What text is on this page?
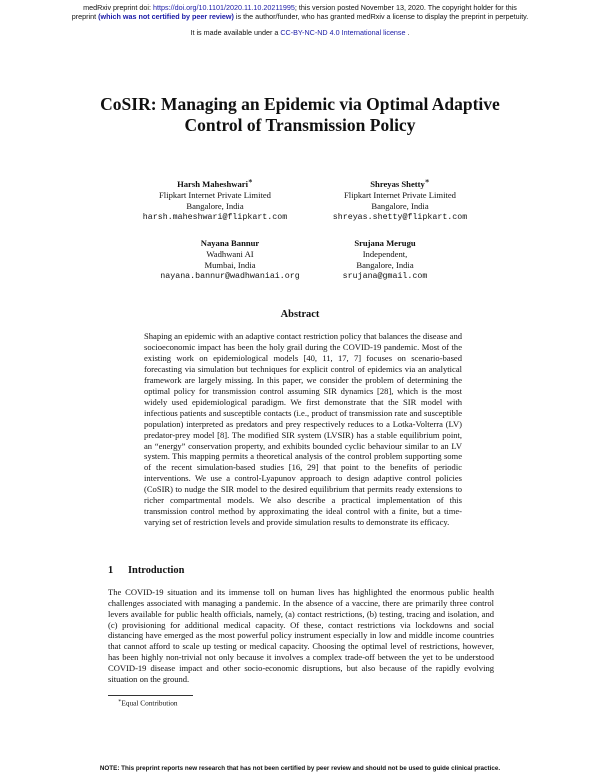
medRxiv preprint doi: https://doi.org/10.1101/2020.11.10.20211995; this version posted November 13, 2020. The copyright holder for this
preprint (which was not certified by peer review) is the author/funder, who has granted medRxiv a license to display the preprint in perpetuity.
It is made available under a CC-BY-NC-ND 4.0 International license .
CoSIR: Managing an Epidemic via Optimal Adaptive
Control of Transmission Policy
Harsh Maheshwari∗
Flipkart Internet Private Limited
Bangalore, India
harsh.maheshwari@flipkart.com
Shreyas Shetty∗
Flipkart Internet Private Limited
Bangalore, India
shreyas.shetty@flipkart.com
Nayana Bannur
Wadhwani AI
Mumbai, India
nayana.bannur@wadhwaniai.org
Srujana Merugu
Independent,
Bangalore, India
srujana@gmail.com
Abstract
Shaping an epidemic with an adaptive contact restriction policy that balances the disease and socioeconomic impact has been the holy grail during the COVID-19 pandemic. Most of the existing work on epidemiological models [40, 11, 17, 7] focuses on scenario-based forecasting via simulation but techniques for explicit control of epidemics via an analytical framework are largely missing. In this paper, we consider the problem of determining the optimal policy for transmission control assuming SIR dynamics [28], which is the most widely used epidemiological paradigm. We first demonstrate that the SIR model with infectious patients and susceptible contacts (i.e., product of transmission rate and susceptible population) interpreted as predators and prey respectively reduces to a Lotka-Volterra (LV) predator-prey model [8]. The modified SIR system (LVSIR) has a stable equilibrium point, an “energy” conservation property, and exhibits bounded cyclic behaviour similar to an LV system. This mapping permits a theoretical analysis of the control problem supporting some of the recent simulation-based studies [16, 29] that point to the benefits of periodic interventions. We use a control-Lyapunov approach to design adaptive control policies (CoSIR) to nudge the SIR model to the desired equilibrium that permits ready extensions to richer compartmental models. We also describe a practical implementation of this transmission control method by approximating the ideal control with a finite, but a time-varying set of restriction levels and provide simulation results to demonstrate its efficacy.
1 Introduction
The COVID-19 situation and its immense toll on human lives has highlighted the enormous public health challenges associated with managing a pandemic. In the absence of a vaccine, there are primarily three control levers available for public health officials, namely, (a) contact restrictions, (b) testing, tracing and isolation, and (c) provisioning for additional medical capacity. Of these, contact restrictions via lockdowns and social distancing have emerged as the most powerful policy instrument especially in low and middle income countries that cannot afford to scale up testing or medical capacity. Choosing the optimal level of restrictions, however, has been highly non-trivial not only because it involves a complex trade-off between the yet to be understood COVID-19 disease impact and other socio-economic disruptions, but also because of the rapidly evolving situation on the ground.
∗Equal Contribution
NOTE: This preprint reports new research that has not been certified by peer review and should not be used to guide clinical practice.
